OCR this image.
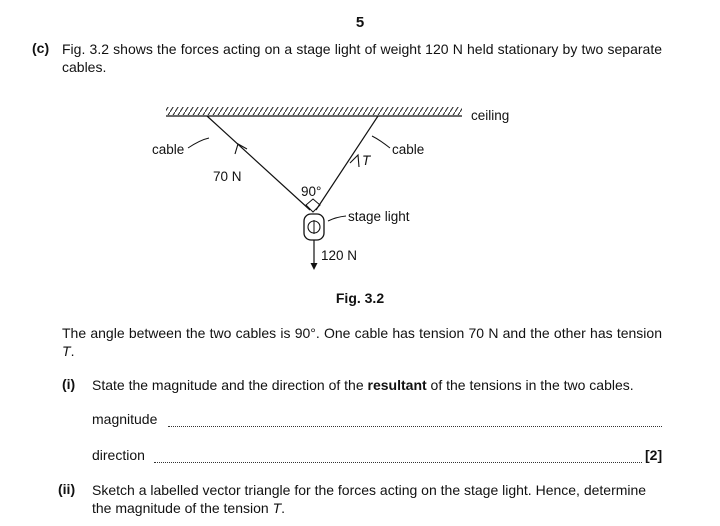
5
(c) Fig. 3.2 shows the forces acting on a stage light of weight 120 N held stationary by two separate cables.
ceiling
cable	cable
70 N
T
90°
stage light
120 N
Fig. 3.2
The angle between the two cables is 90°. One cable has tension 70 N and the other has tension T.
(i) State the magnitude and the direction of the resultant of the tensions in the two cables.
magnitude
direction	[2]
(ii) Sketch a labelled vector triangle for the forces acting on the stage light. Hence, determine the magnitude of the tension T.
